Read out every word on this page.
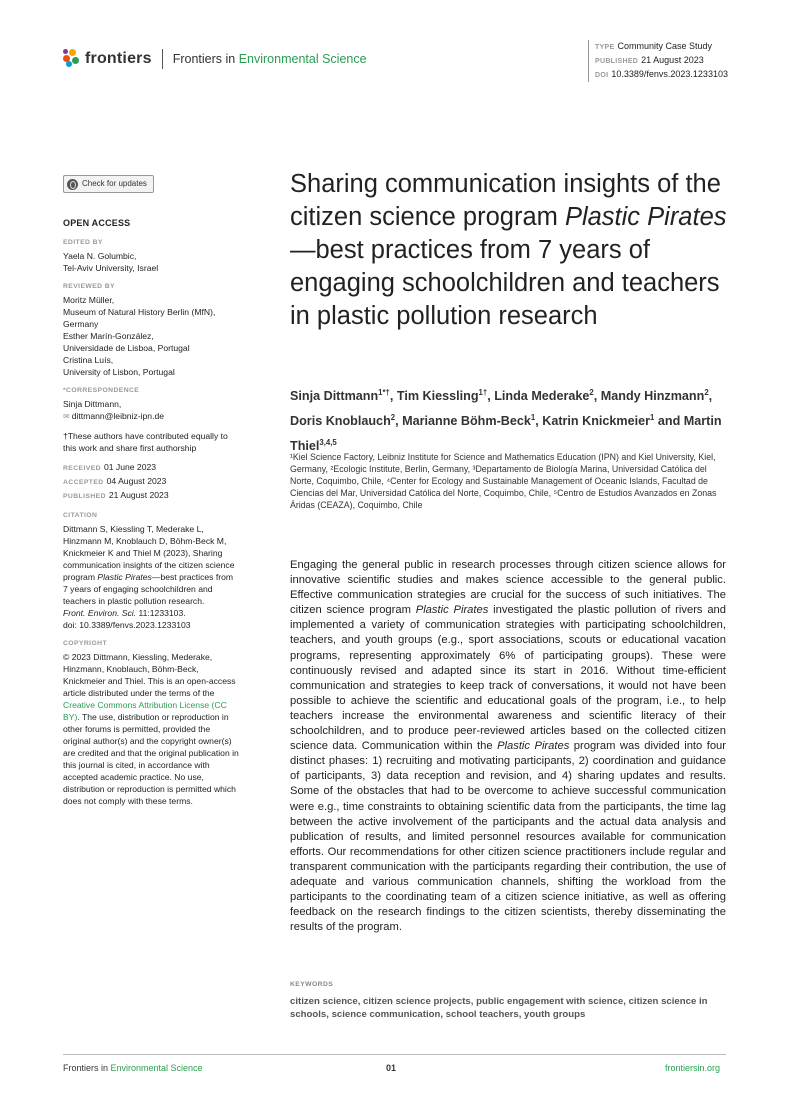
frontiers Frontiers in Environmental Science
TYPE Community Case Study
PUBLISHED 21 August 2023
DOI 10.3389/fenvs.2023.1233103
Check for updates
OPEN ACCESS
EDITED BY
Yaela N. Golumbic,
Tel-Aviv University, Israel
REVIEWED BY
Moritz Müller,
Museum of Natural History Berlin (MfN), Germany
Esther Marín-González,
Universidade de Lisboa, Portugal
Cristina Luís,
University of Lisbon, Portugal
*CORRESPONDENCE
Sinja Dittmann,
✉ dittmann@leibniz-ipn.de
†These authors have contributed equally to this work and share first authorship
RECEIVED 01 June 2023
ACCEPTED 04 August 2023
PUBLISHED 21 August 2023
CITATION
Dittmann S, Kiessling T, Mederake L, Hinzmann M, Knoblauch D, Böhm-Beck M, Knickmeier K and Thiel M (2023), Sharing communication insights of the citizen science program Plastic Pirates—best practices from 7 years of engaging schoolchildren and teachers in plastic pollution research.
Front. Environ. Sci. 11:1233103.
doi: 10.3389/fenvs.2023.1233103
COPYRIGHT
© 2023 Dittmann, Kiessling, Mederake, Hinzmann, Knoblauch, Böhm-Beck, Knickmeier and Thiel. This is an open-access article distributed under the terms of the Creative Commons Attribution License (CC BY). The use, distribution or reproduction in other forums is permitted, provided the original author(s) and the copyright owner(s) are credited and that the original publication in this journal is cited, in accordance with accepted academic practice. No use, distribution or reproduction is permitted which does not comply with these terms.
Sharing communication insights of the citizen science program Plastic Pirates—best practices from 7 years of engaging schoolchildren and teachers in plastic pollution research
Sinja Dittmann$^{1*\dagger}$, Tim Kiessling$^{1\dagger}$, Linda Mederake$^2$, Mandy Hinzmann$^2$, Doris Knoblauch$^2$, Marianne Böhm-Beck$^1$, Katrin Knickmeier$^1$ and Martin Thiel$^{3,4,5}$
¹Kiel Science Factory, Leibniz Institute for Science and Mathematics Education (IPN) and Kiel University, Kiel, Germany, ²Ecologic Institute, Berlin, Germany, ³Departamento de Biología Marina, Universidad Católica del Norte, Coquimbo, Chile, ⁴Center for Ecology and Sustainable Management of Oceanic Islands, Facultad de Ciencias del Mar, Universidad Católica del Norte, Coquimbo, Chile, ⁵Centro de Estudios Avanzados en Zonas Áridas (CEAZA), Coquimbo, Chile
Engaging the general public in research processes through citizen science allows for innovative scientific studies and makes science accessible to the general public. Effective communication strategies are crucial for the success of such initiatives. The citizen science program Plastic Pirates investigated the plastic pollution of rivers and implemented a variety of communication strategies with participating schoolchildren, teachers, and youth groups (e.g., sport associations, scouts or educational vacation programs, representing approximately 6% of participating groups). These were continuously revised and adapted since its start in 2016. Without time-efficient communication and strategies to keep track of conversations, it would not have been possible to achieve the scientific and educational goals of the program, i.e., to help teachers increase the environmental awareness and scientific literacy of their schoolchildren, and to produce peer-reviewed articles based on the collected citizen science data. Communication within the Plastic Pirates program was divided into four distinct phases: 1) recruiting and motivating participants, 2) coordination and guidance of participants, 3) data reception and revision, and 4) sharing updates and results. Some of the obstacles that had to be overcome to achieve successful communication were e.g., time constraints to obtaining scientific data from the participants, the time lag between the active involvement of the participants and the actual data analysis and publication of results, and limited personnel resources available for communication efforts. Our recommendations for other citizen science practitioners include regular and transparent communication with the participants regarding their contribution, the use of adequate and various communication channels, shifting the workload from the participants to the coordinating team of a citizen science initiative, as well as offering feedback on the research findings to the citizen scientists, thereby disseminating the results of the program.
KEYWORDS
citizen science, citizen science projects, public engagement with science, citizen science in schools, science communication, school teachers, youth groups
Frontiers in Environmental Science	01	frontiersin.org
